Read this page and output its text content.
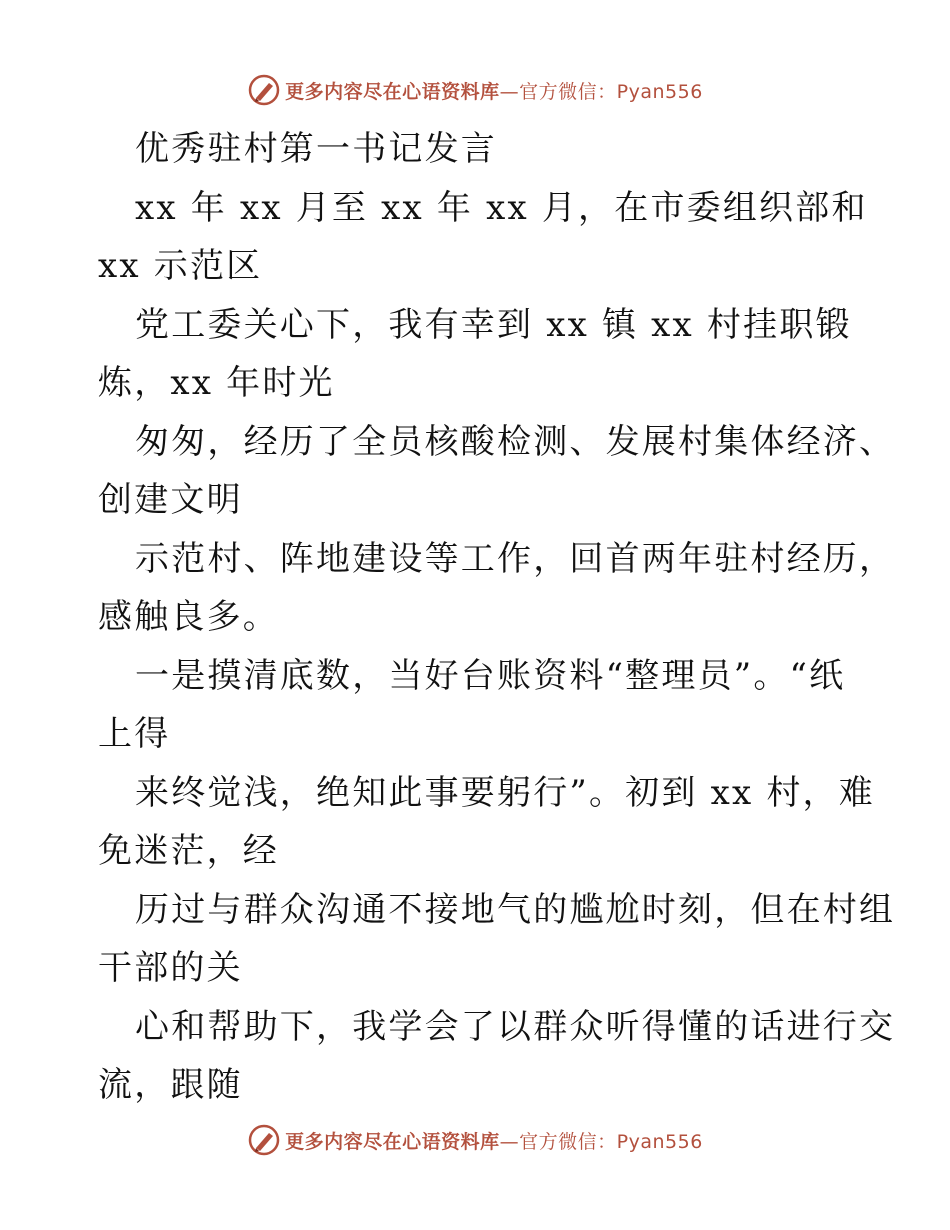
更多内容尽在心语资料库—官方微信：Pyan556
优秀驻村第一书记发言
xx 年 xx 月至 xx 年 xx 月，在市委组织部和
xx 示范区
党工委关心下，我有幸到 xx 镇 xx 村挂职锻
炼，xx 年时光
匆匆，经历了全员核酸检测、发展村集体经济、
创建文明
示范村、阵地建设等工作，回首两年驻村经历，
感触良多。
一是摸清底数，当好台账资料“整理员”。“纸
上得
来终觉浅，绝知此事要躬行”。初到 xx 村，难
免迷茫，经
历过与群众沟通不接地气的尴尬时刻，但在村组
干部的关
心和帮助下，我学会了以群众听得懂的话进行交
流，跟随
更多内容尽在心语资料库—官方微信：Pyan556
